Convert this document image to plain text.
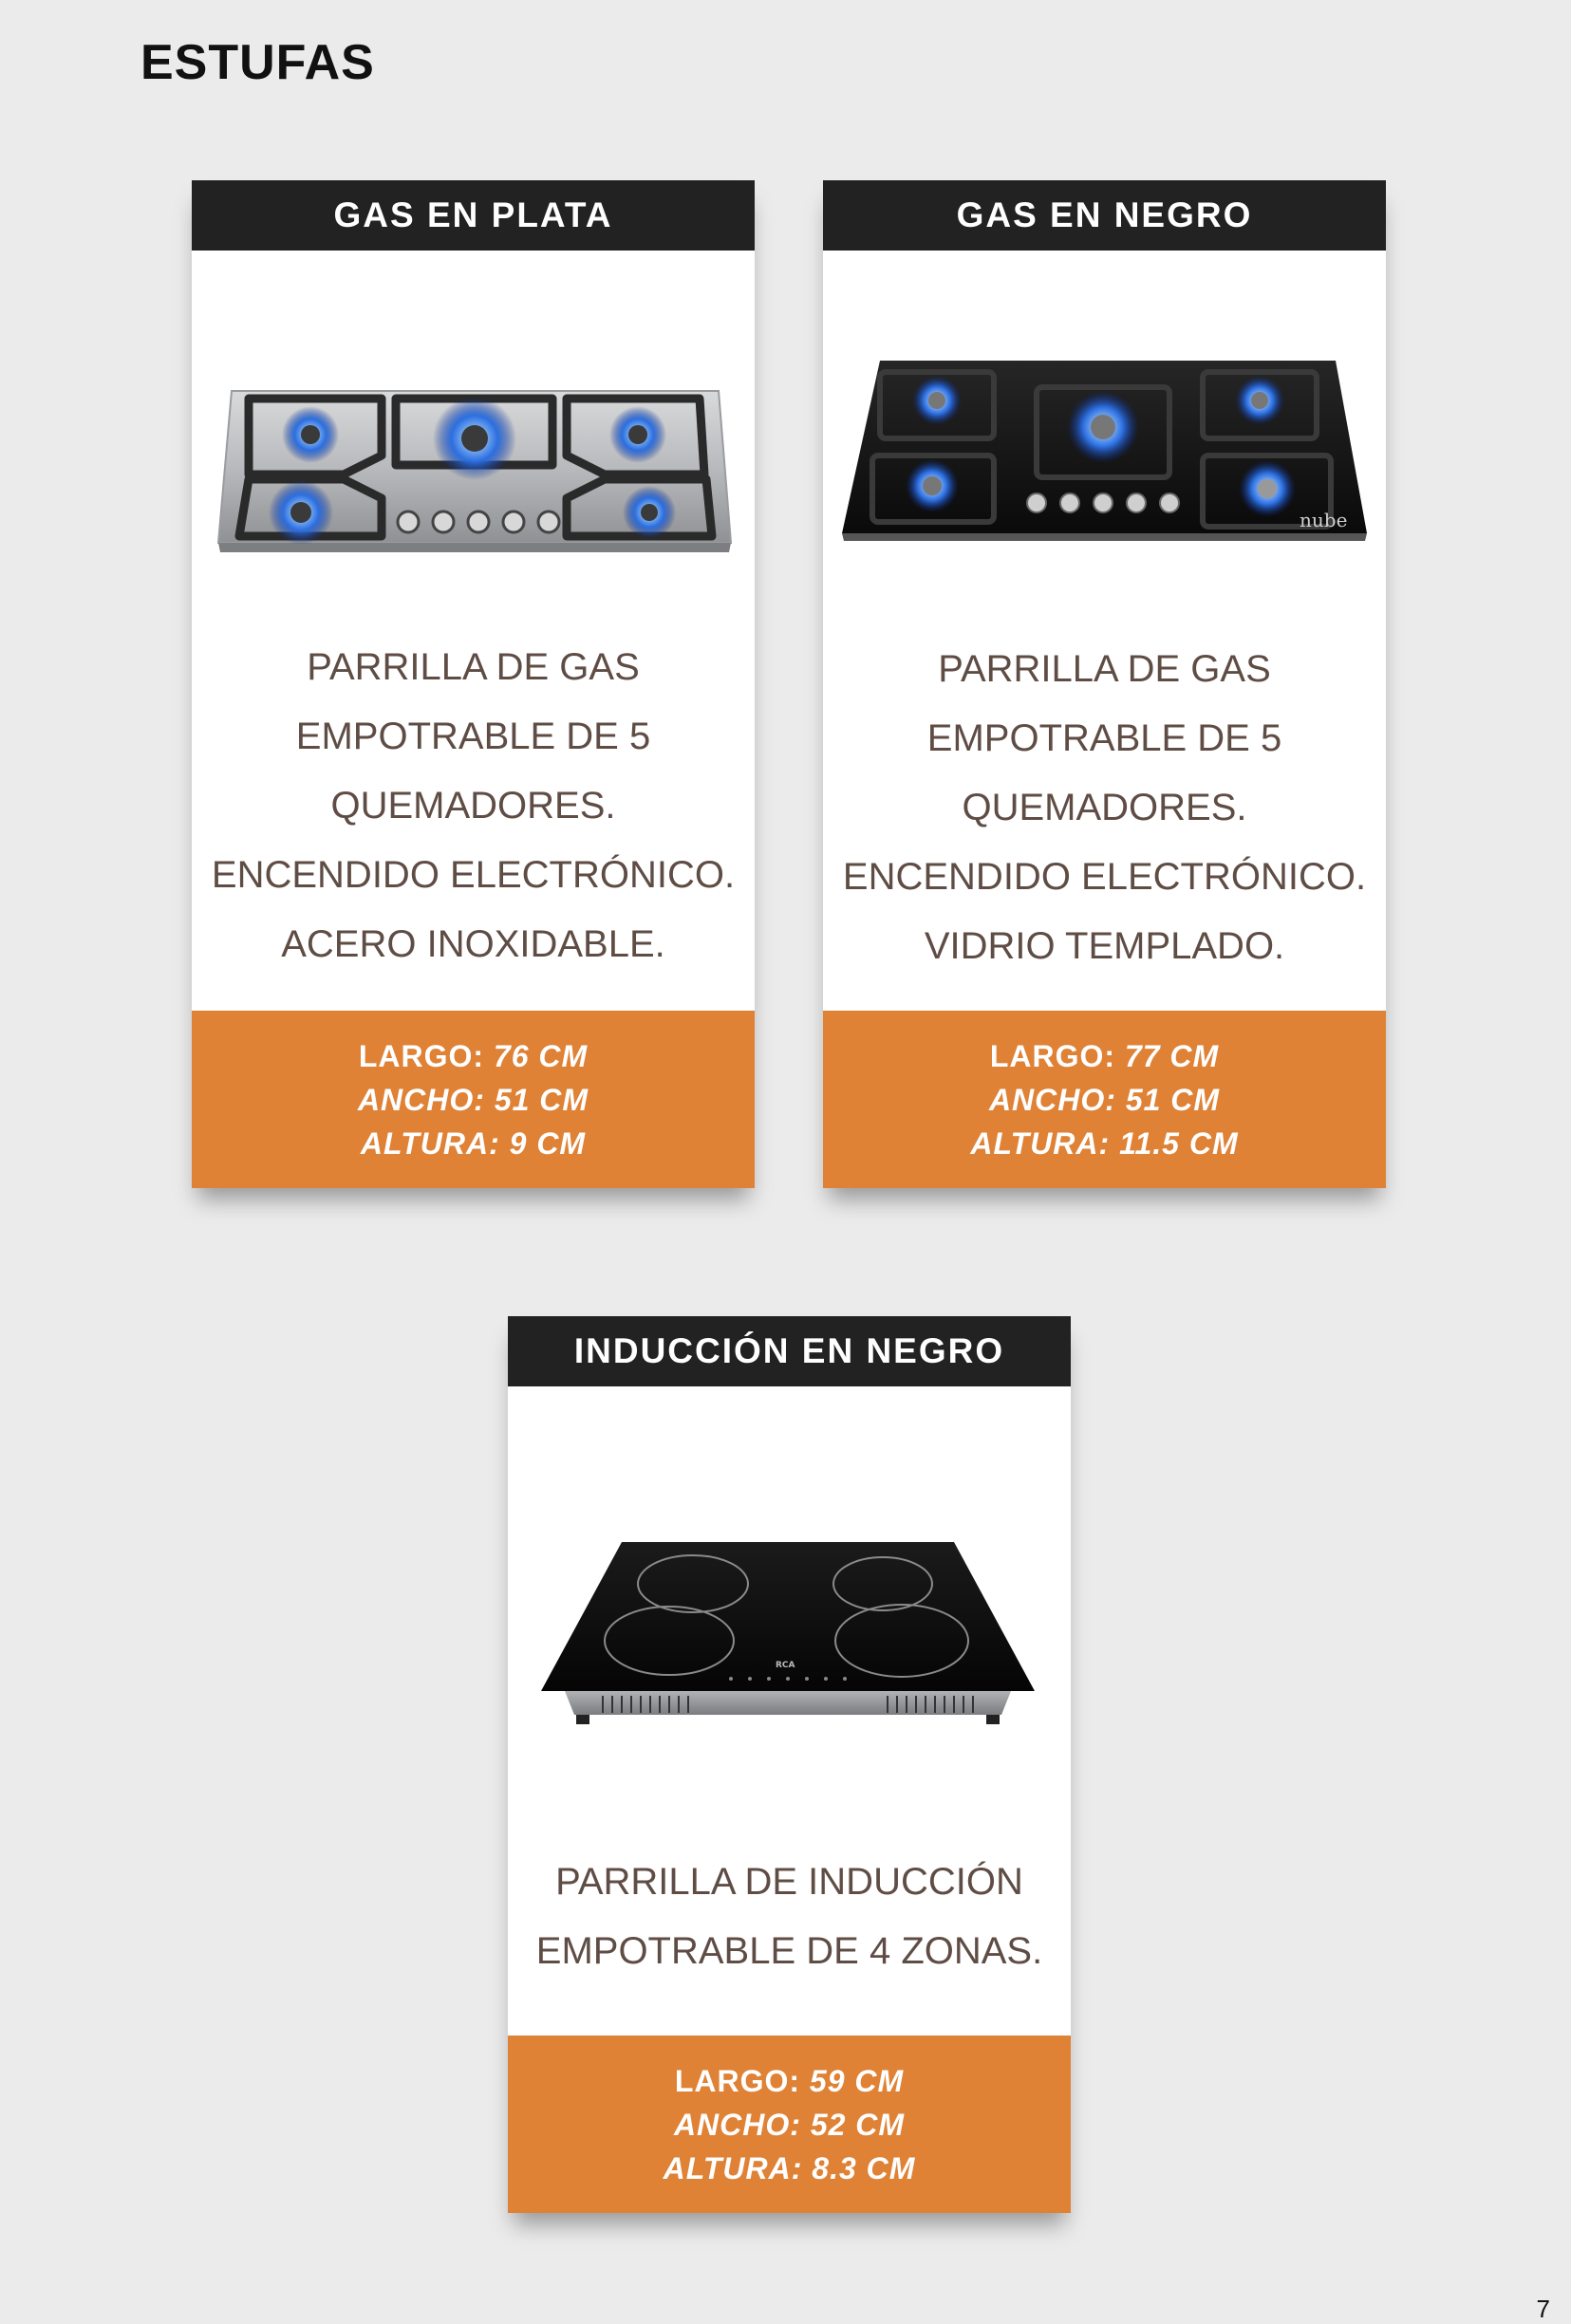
ESTUFAS
GAS EN PLATA
PARRILLA DE GAS
EMPOTRABLE DE 5
QUEMADORES.
ENCENDIDO ELECTRÓNICO.
ACERO INOXIDABLE.
LARGO: 76 CM
ANCHO: 51 CM
ALTURA: 9 CM
GAS EN NEGRO
nube
PARRILLA DE GAS
EMPOTRABLE DE 5
QUEMADORES.
ENCENDIDO ELECTRÓNICO.
VIDRIO TEMPLADO.
LARGO: 77 CM
ANCHO: 51 CM
ALTURA: 11.5 CM
INDUCCIÓN EN NEGRO
RCA
PARRILLA DE INDUCCIÓN
EMPOTRABLE DE 4 ZONAS.
LARGO: 59 CM
ANCHO: 52 CM
ALTURA: 8.3 CM
7
